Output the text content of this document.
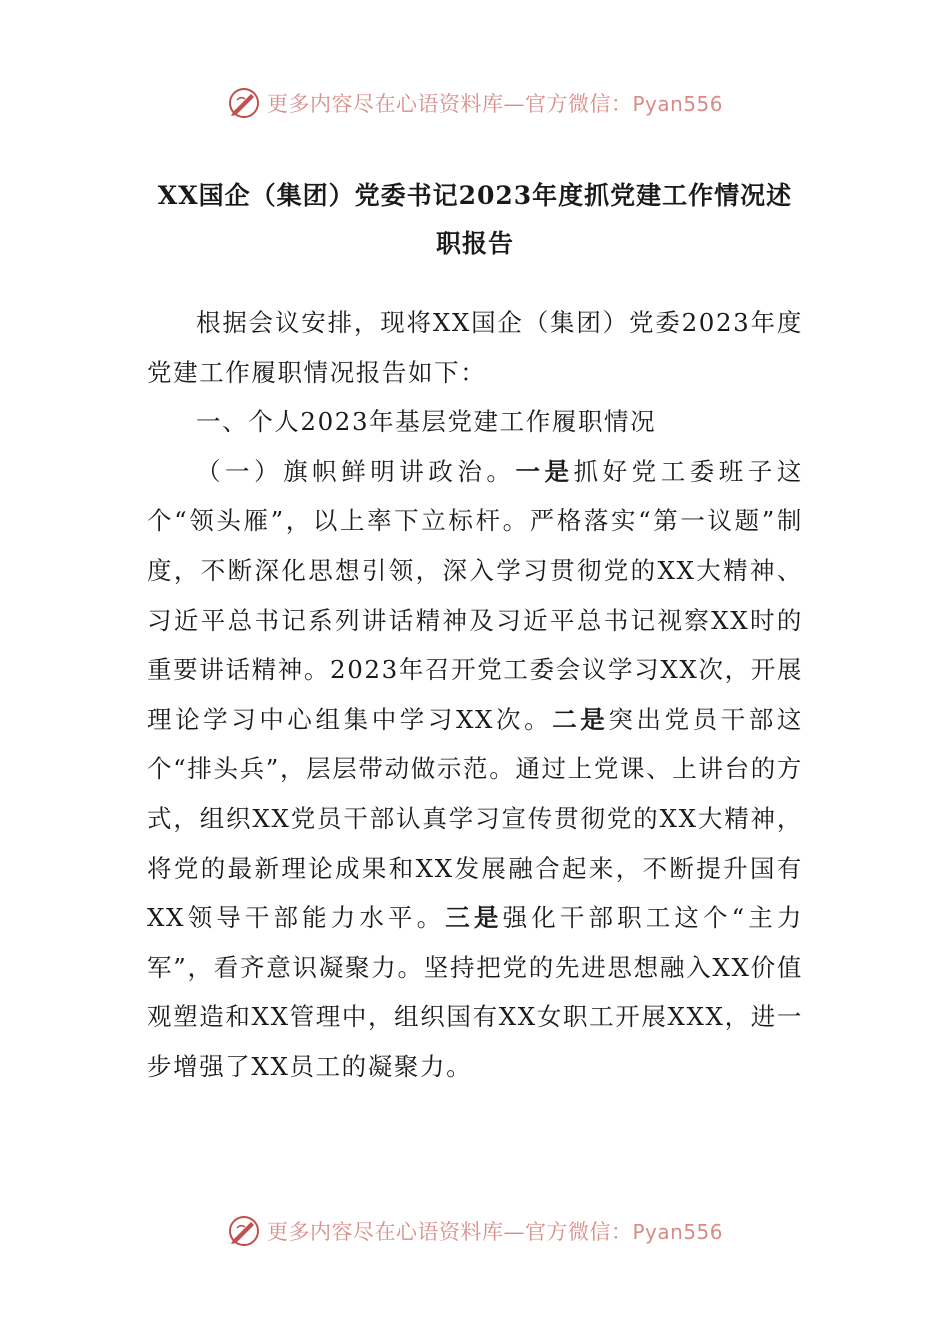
更多内容尽在心语资料库—官方微信：Pyan556
XX国企（集团）党委书记2023年度抓党建工作情况述职报告

根据会议安排，现将XX国企（集团）党委2023年度党建工作履职情况报告如下：

一、个人2023年基层党建工作履职情况

（一）旗帜鲜明讲政治。一是抓好党工委班子这个“领头雁”，以上率下立标杆。严格落实“第一议题”制度，不断深化思想引领，深入学习贯彻党的XX大精神、习近平总书记系列讲话精神及习近平总书记视察XX时的重要讲话精神。2023年召开党工委会议学习XX次，开展理论学习中心组集中学习XX次。二是突出党员干部这个“排头兵”，层层带动做示范。通过上党课、上讲台的方式，组织XX党员干部认真学习宣传贯彻党的XX大精神，将党的最新理论成果和XX发展融合起来，不断提升国有XX领导干部能力水平。三是强化干部职工这个“主力军”，看齐意识凝聚力。坚持把党的先进思想融入XX价值观塑造和XX管理中，组织国有XX女职工开展XXX，进一步增强了XX员工的凝聚力。

更多内容尽在心语资料库—官方微信：Pyan556
